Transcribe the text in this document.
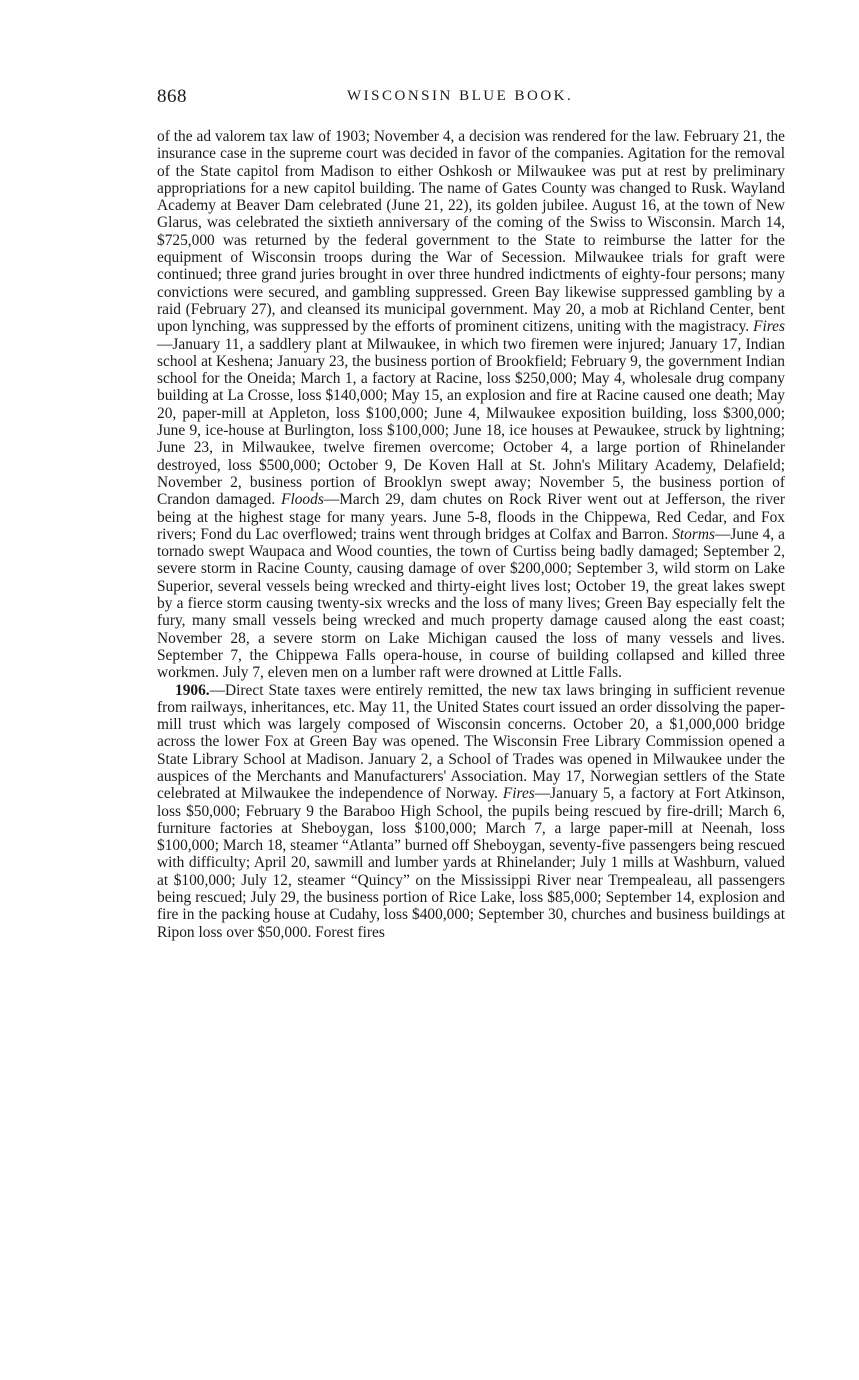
868	WISCONSIN BLUE BOOK.

of the ad valorem tax law of 1903; November 4, a decision was rendered for the law. February 21, the insurance case in the supreme court was decided in favor of the companies. Agitation for the removal of the State capitol from Madison to either Oshkosh or Milwaukee was put at rest by preliminary appropriations for a new capitol building. The name of Gates County was changed to Rusk. Wayland Academy at Beaver Dam celebrated (June 21, 22), its golden jubilee. August 16, at the town of New Glarus, was celebrated the sixtieth anniversary of the coming of the Swiss to Wisconsin. March 14, $725,000 was returned by the federal government to the State to reimburse the latter for the equipment of Wisconsin troops during the War of Secession. Milwaukee trials for graft were continued; three grand juries brought in over three hundred indictments of eighty-four persons; many convictions were secured, and gambling suppressed. Green Bay likewise suppressed gambling by a raid (February 27), and cleansed its municipal government. May 20, a mob at Richland Center, bent upon lynching, was suppressed by the efforts of prominent citizens, uniting with the magistracy. Fires—January 11, a saddlery plant at Milwaukee, in which two firemen were injured; January 17, Indian school at Keshena; January 23, the business portion of Brookfield; February 9, the government Indian school for the Oneida; March 1, a factory at Racine, loss $250,000; May 4, wholesale drug company building at La Crosse, loss $140,000; May 15, an explosion and fire at Racine caused one death; May 20, paper-mill at Appleton, loss $100,000; June 4, Milwaukee exposition building, loss $300,000; June 9, ice-house at Burlington, loss $100,000; June 18, ice houses at Pewaukee, struck by lightning; June 23, in Milwaukee, twelve firemen overcome; October 4, a large portion of Rhinelander destroyed, loss $500,000; October 9, De Koven Hall at St. John's Military Academy, Delafield; November 2, business portion of Brooklyn swept away; November 5, the business portion of Crandon damaged. Floods—March 29, dam chutes on Rock River went out at Jefferson, the river being at the highest stage for many years. June 5-8, floods in the Chippewa, Red Cedar, and Fox rivers; Fond du Lac overflowed; trains went through bridges at Colfax and Barron. Storms—June 4, a tornado swept Waupaca and Wood counties, the town of Curtiss being badly damaged; September 2, severe storm in Racine County, causing damage of over $200,000; September 3, wild storm on Lake Superior, several vessels being wrecked and thirty-eight lives lost; October 19, the great lakes swept by a fierce storm causing twenty-six wrecks and the loss of many lives; Green Bay especially felt the fury, many small vessels being wrecked and much property damage caused along the east coast; November 28, a severe storm on Lake Michigan caused the loss of many vessels and lives. September 7, the Chippewa Falls opera-house, in course of building collapsed and killed three workmen. July 7, eleven men on a lumber raft were drowned at Little Falls.

1906.—Direct State taxes were entirely remitted, the new tax laws bringing in sufficient revenue from railways, inheritances, etc. May 11, the United States court issued an order dissolving the paper-mill trust which was largely composed of Wisconsin concerns. October 20, a $1,000,000 bridge across the lower Fox at Green Bay was opened. The Wisconsin Free Library Commission opened a State Library School at Madison. January 2, a School of Trades was opened in Milwaukee under the auspices of the Merchants and Manufacturers' Association. May 17, Norwegian settlers of the State celebrated at Milwaukee the independence of Norway. Fires—January 5, a factory at Fort Atkinson, loss $50,000; February 9 the Baraboo High School, the pupils being rescued by fire-drill; March 6, furniture factories at Sheboygan, loss $100,000; March 7, a large paper-mill at Neenah, loss $100,000; March 18, steamer “Atlanta” burned off Sheboygan, seventy-five passengers being rescued with difficulty; April 20, sawmill and lumber yards at Rhinelander; July 1 mills at Washburn, valued at $100,000; July 12, steamer “Quincy” on the Mississippi River near Trempealeau, all passengers being rescued; July 29, the business portion of Rice Lake, loss $85,000; September 14, explosion and fire in the packing house at Cudahy, loss $400,000; September 30, churches and business buildings at Ripon loss over $50,000. Forest fires
